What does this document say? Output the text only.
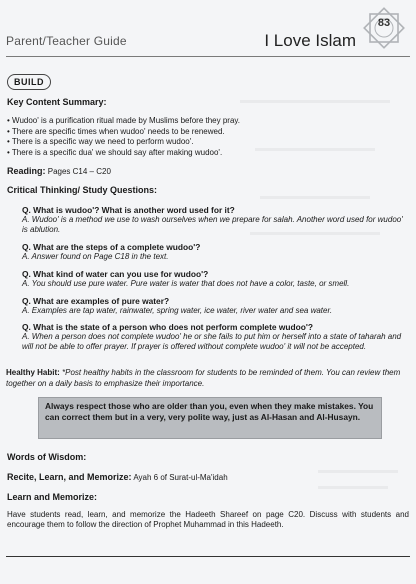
Parent/Teacher Guide	I Love Islam
83
BUILD
Key Content Summary:
• Wudoo' is a purification ritual made by Muslims before they pray.
• There are specific times when wudoo' needs to be renewed.
• There is a specific way we need to perform wudoo'.
• There is a specific dua' we should say after making wudoo'.
Reading: Pages C14 – C20
Critical Thinking/ Study Questions:
Q. What is wudoo'? What is another word used for it?
A. Wudoo' is a method we use to wash ourselves when we prepare for salah. Another word used for wudoo' is ablution.
Q. What are the steps of a complete wudoo'?
A. Answer found on Page C18 in the text.
Q. What kind of water can you use for wudoo'?
A. You should use pure water. Pure water is water that does not have a color, taste, or smell.
Q. What are examples of pure water?
A. Examples are tap water, rainwater, spring water, ice water, river water and sea water.
Q. What is the state of a person who does not perform complete wudoo'?
A. When a person does not complete wudoo' he or she fails to put him or herself into a state of taharah and will not be able to offer prayer. If prayer is offered without complete wudoo' it will not be accepted.
Healthy Habit: *Post healthy habits in the classroom for students to be reminded of them. You can review them together on a daily basis to emphasize their importance.
Always respect those who are older than you, even when they make mistakes. You can correct them but in a very, very polite way, just as Al-Hasan and Al-Husayn.
Words of Wisdom:
Recite, Learn, and Memorize: Ayah 6 of Surat-ul-Ma'idah
Learn and Memorize:
Have students read, learn, and memorize the Hadeeth Shareef on page C20. Discuss with students and encourage them to follow the direction of Prophet Muhammad in this Hadeeth.
